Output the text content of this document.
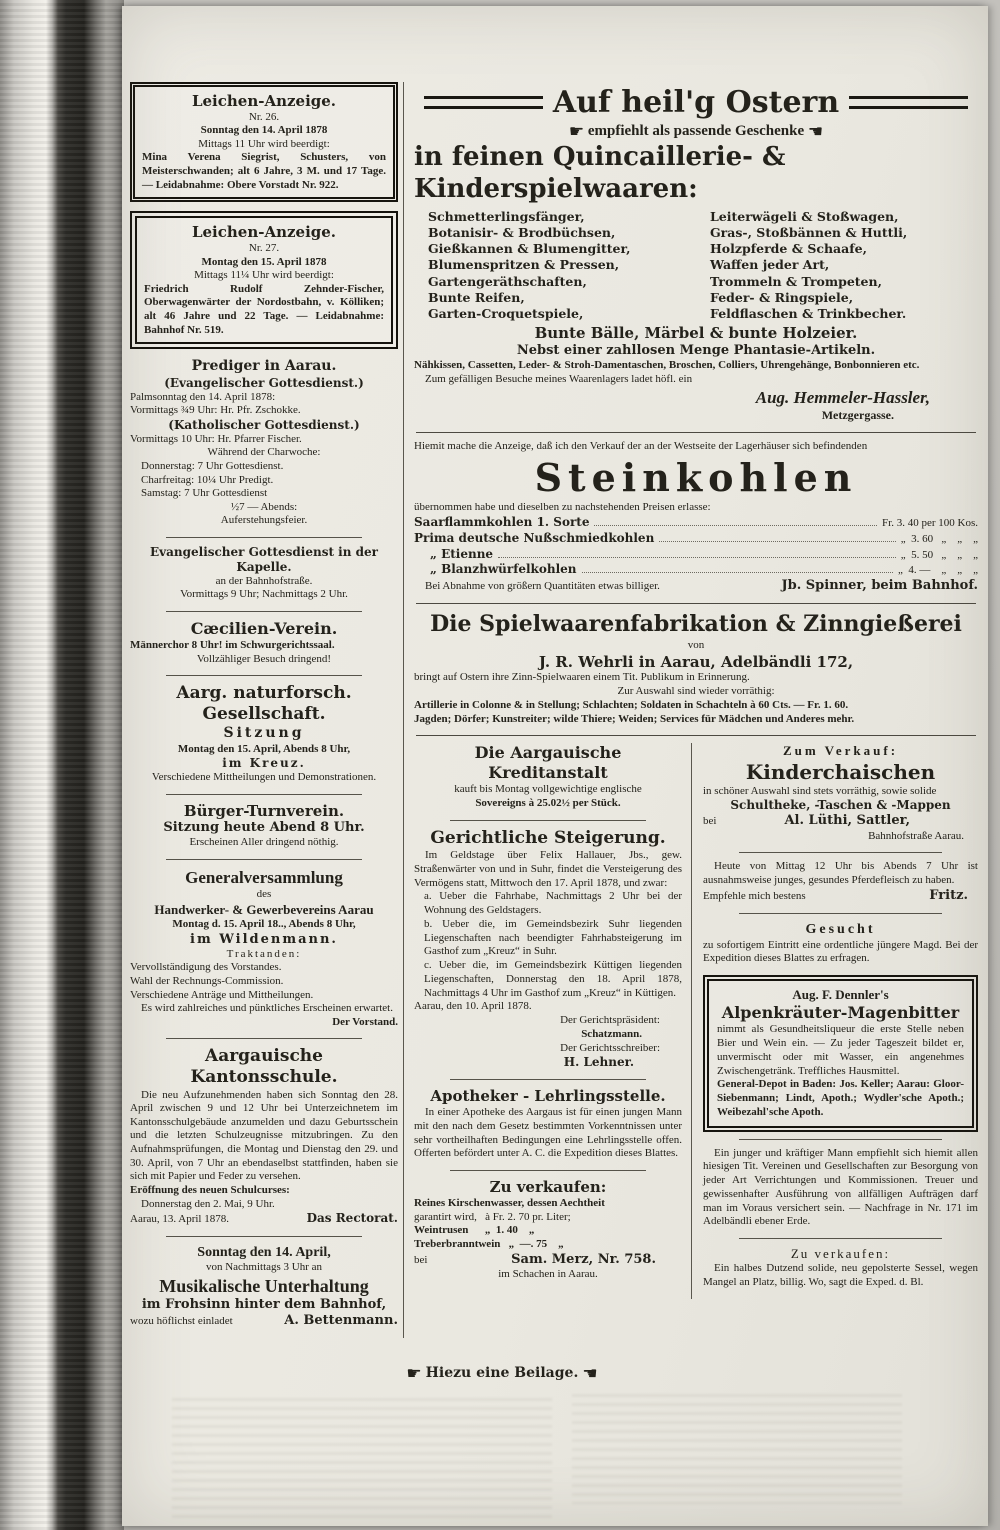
Leichen-Anzeige.
Nr. 26.
Sonntag den 14. April 1878
Mittags 11 Uhr wird beerdigt:
Mina Verena Siegrist, Schusters, von Meisterschwanden; alt 6 Jahre, 3 M. und 17 Tage. — Leidabnahme: Obere Vorstadt Nr. 922.
Leichen-Anzeige.
Nr. 27.
Montag den 15. April 1878
Mittags 11¼ Uhr wird beerdigt:
Friedrich Rudolf Zehnder-Fischer, Oberwagenwärter der Nordostbahn, v. Kölliken; alt 46 Jahre und 22 Tage. — Leidabnahme: Bahnhof Nr. 519.
Prediger in Aarau.
(Evangelischer Gottesdienst.)
Palmsonntag den 14. April 1878:
Vormittags ¾9 Uhr: Hr. Pfr. Zschokke.
(Katholischer Gottesdienst.)
Vormittags 10 Uhr: Hr. Pfarrer Fischer.
Während der Charwoche:
Donnerstag: 7 Uhr Gottesdienst.
Charfreitag: 10¼ Uhr Predigt.
Samstag: 7 Uhr Gottesdienst
½7 — Abends:
Auferstehungsfeier.
Evangelischer Gottesdienst in der Kapelle.
an der Bahnhofstraße.
Vormittags 9 Uhr; Nachmittags 2 Uhr.
Cæcilien-Verein.
Männerchor 8 Uhr! im Schwurgerichtssaal.
Vollzähliger Besuch dringend!
Aarg. naturforsch. Gesellschaft.
Sitzung
Montag den 15. April, Abends 8 Uhr,
im Kreuz.
Verschiedene Mittheilungen und Demonstrationen.
Bürger-Turnverein.
Sitzung heute Abend 8 Uhr.
Erscheinen Aller dringend nöthig.
Generalversammlung
des
Handwerker- & Gewerbevereins Aarau
Montag d. 15. April 18.., Abends 8 Uhr,
im Wildenmann.
Traktanden:
Vervollständigung des Vorstandes.
Wahl der Rechnungs-Commission.
Verschiedene Anträge und Mittheilungen.
Es wird zahlreiches und pünktliches Erscheinen erwartet.
Der Vorstand.
Aargauische Kantonsschule.
Die neu Aufzunehmenden haben sich Sonntag den 28. April zwischen 9 und 12 Uhr bei Unterzeichnetem im Kantonsschulgebäude anzumelden und dazu Geburtsschein und die letzten Schulzeugnisse mitzubringen. Zu den Aufnahmsprüfungen, die Montag und Dienstag den 29. und 30. April, von 7 Uhr an ebendaselbst stattfinden, haben sie sich mit Papier und Feder zu versehen.
Eröffnung des neuen Schulcurses:
Donnerstag den 2. Mai, 9 Uhr.
Aarau, 13. April 1878.	Das Rectorat.
Sonntag den 14. April,
von Nachmittags 3 Uhr an
Musikalische Unterhaltung
im Frohsinn hinter dem Bahnhof,
wozu höflichst einladet	A. Bettenmann.
Auf heil'g Ostern
☛ empfiehlt als passende Geschenke ☚
in feinen Quincaillerie- & Kinderspielwaaren:
Schmetterlingsfänger,
Botanisir- & Brodbüchsen,
Gießkannen & Blumengitter,
Blumenspritzen & Pressen,
Gartengeräthschaften,
Bunte Reifen,
Garten-Croquetspiele,
Leiterwägeli & Stoßwagen,
Gras-, Stoßbännen & Huttli,
Holzpferde & Schaafe,
Waffen jeder Art,
Trommeln & Trompeten,
Feder- & Ringspiele,
Feldflaschen & Trinkbecher.
Bunte Bälle, Märbel & bunte Holzeier.
Nebst einer zahllosen Menge Phantasie-Artikeln.
Nähkissen, Cassetten, Leder- & Stroh-Damentaschen, Broschen, Colliers, Uhrengehänge, Bonbonnieren etc.
Zum gefälligen Besuche meines Waarenlagers ladet höfl. ein
Aug. Hemmeler-Hassler,
Metzgergasse.
Hiemit mache die Anzeige, daß ich den Verkauf der an der Westseite der Lagerhäuser sich befindenden
Steinkohlen
übernommen habe und dieselben zu nachstehenden Preisen erlasse:
Saarflammkohlen 1. Sorte	Fr. 3. 40 per 100 Kos.
Prima deutsche Nußschmiedkohlen	„  3. 60   „    „    „
„ Etienne	„  5. 50   „    „    „
„ Blanzhwürfelkohlen	„  4. —    „    „    „
Bei Abnahme von größern Quantitäten etwas billiger.	Jb. Spinner, beim Bahnhof.
Die Spielwaarenfabrikation & Zinngießerei
von
J. R. Wehrli in Aarau, Adelbändli 172,
bringt auf Ostern ihre Zinn-Spielwaaren einem Tit. Publikum in Erinnerung.
Zur Auswahl sind wieder vorräthig:
Artillerie in Colonne & in Stellung; Schlachten; Soldaten in Schachteln à 60 Cts. — Fr. 1. 60.
Jagden; Dörfer; Kunstreiter; wilde Thiere; Weiden; Services für Mädchen und Anderes mehr.
Die Aargauische Kreditanstalt
kauft bis Montag vollgewichtige englische
Sovereigns à 25.02½ per Stück.
Gerichtliche Steigerung.
Im Geldstage über Felix Hallauer, Jbs., gew. Straßenwärter von und in Suhr, findet die Versteigerung des Vermögens statt, Mittwoch den 17. April 1878, und zwar:
a. Ueber die Fahrhabe, Nachmittags 2 Uhr bei der Wohnung des Geldstagers.
b. Ueber die, im Gemeindsbezirk Suhr liegenden Liegenschaften nach beendigter Fahrhabsteigerung im Gasthof zum „Kreuz“ in Suhr.
c. Ueber die, im Gemeindsbezirk Küttigen liegenden Liegenschaften, Donnerstag den 18. April 1878, Nachmittags 4 Uhr im Gasthof zum „Kreuz“ in Küttigen.
Aarau, den 10. April 1878.
Der Gerichtspräsident:
Schatzmann.
Der Gerichtsschreiber:
H. Lehner.
Apotheker - Lehrlingsstelle.
In einer Apotheke des Aargaus ist für einen jungen Mann mit den nach dem Gesetz bestimmten Vorkenntnissen unter sehr vortheilhaften Bedingungen eine Lehrlingsstelle offen. Offerten befördert unter A. C. die Expedition dieses Blattes.
Zu verkaufen:
Reines Kirschenwasser, dessen Aechtheit
garantirt wird,   à Fr. 2. 70 pr. Liter;
Weintrusen      „  1. 40    „
Treberbranntwein   „  —. 75    „
bei	Sam. Merz, Nr. 758.
im Schachen in Aarau.
Zum Verkauf:
Kinderchaischen
in schöner Auswahl sind stets vorräthig, sowie solide
Schultheke, -Taschen & -Mappen
bei	Al. Lüthi, Sattler,
Bahnhofstraße Aarau.
Heute von Mittag 12 Uhr bis Abends 7 Uhr ist ausnahmsweise junges, gesundes Pferdefleisch zu haben.
Empfehle mich bestens	Fritz.
Gesucht
zu sofortigem Eintritt eine ordentliche jüngere Magd. Bei der Expedition dieses Blattes zu erfragen.
Aug. F. Dennler's
Alpenkräuter-Magenbitter
nimmt als Gesundheitsliqueur die erste Stelle neben Bier und Wein ein. — Zu jeder Tageszeit bildet er, unvermischt oder mit Wasser, ein angenehmes Zwischengetränk. Treffliches Hausmittel.
General-Depot in Baden: Jos. Keller; Aarau: Gloor-Siebenmann; Lindt, Apoth.; Wydler'sche Apoth.; Weibezahl'sche Apoth.
Ein junger und kräftiger Mann empfiehlt sich hiemit allen hiesigen Tit. Vereinen und Gesellschaften zur Besorgung von jeder Art Verrichtungen und Kommissionen. Treuer und gewissenhafter Ausführung von allfälligen Aufträgen darf man im Voraus versichert sein. — Nachfrage in Nr. 171 im Adelbändli ebener Erde.
Zu verkaufen:
Ein halbes Dutzend solide, neu gepolsterte Sessel, wegen Mangel an Platz, billig. Wo, sagt die Exped. d. Bl.
☛ Hiezu eine Beilage. ☚
